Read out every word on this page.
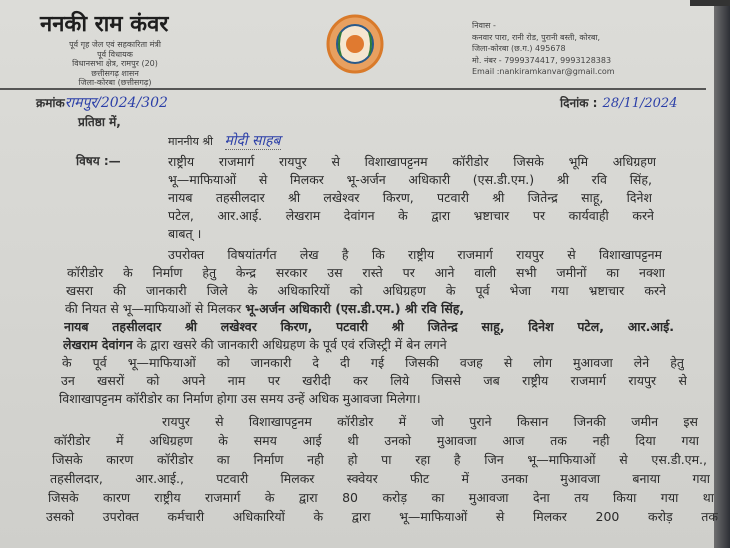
ननकी राम कंवर
पूर्व गृह जेल एवं सहकारिता मंत्री
पूर्व विधायक
विधानसभा क्षेत्र, रामपुर (20)
छत्तीसगढ़ शासन
जिला-कोरबा (छत्तीसगढ़)
निवास -
कनवार पारा, रानी रोड, पुरानी बस्ती, कोरबा,
जिला-कोरबा (छ.ग.) 495678
मो. नंबर - 7999374417, 9993128383
Email :nankiramkanvar@gmail.com
क्रमांकरामपुर/2024/302	दिनांक : 28/11/2024
प्रतिष्ठा में,
माननीय श्री मोदी साहब
विषय :—	राष्ट्रीय राजमार्ग रायपुर से विशाखापट्टनम कॉरीडोर जिसके भूमि अधिग्रहण
भू—माफियाओं से मिलकर भू-अर्जन अधिकारी (एस.डी.एम.) श्री रवि सिंह,
नायब तहसीलदार श्री लखेश्वर किरण, पटवारी श्री जितेन्द्र साहू, दिनेश
पटेल, आर.आई. लेखराम देवांगन के द्वारा भ्रष्टाचार पर कार्यवाही करने
बाबत् ।
उपरोक्त विषयांतर्गत लेख है कि राष्ट्रीय राजमार्ग रायपुर से विशाखापट्टनम
कॉरीडोर के निर्माण हेतु केन्द्र सरकार उस रास्ते पर आने वाली सभी जमीनों का नक्शा
खसरा की जानकारी जिले के अधिकारियों को अधिग्रहण के पूर्व भेजा गया भ्रष्टाचार करने
की नियत से भू—माफियाओं से मिलकर भू-अर्जन अधिकारी (एस.डी.एम.) श्री रवि सिंह,
नायब तहसीलदार श्री लखेश्वर किरण, पटवारी श्री जितेन्द्र साहू, दिनेश पटेल, आर.आई.
लेखराम देवांगन के द्वारा खसरे की जानकारी अधिग्रहण के पूर्व एवं रजिस्ट्री में बेन लगने
के पूर्व भू—माफियाओं को जानकारी दे दी गई जिसकी वजह से लोग मुआवजा लेने हेतु
उन खसरों को अपने नाम पर खरीदी कर लिये जिससे जब राष्ट्रीय राजमार्ग रायपुर से
विशाखापट्टनम कॉरीडोर का निर्माण होगा उस समय उन्हें अधिक मुआवजा मिलेगा।
रायपुर से विशाखापट्टनम कॉरीडोर में जो पुराने किसान जिनकी जमीन इस
कॉरीडोर में अधिग्रहण के समय आई थी उनको मुआवजा आज तक नही दिया गया
जिसके कारण कॉरीडोर का निर्माण नही हो पा रहा है जिन भू—माफियाओं से एस.डी.एम.,
तहसीलदार, आर.आई., पटवारी मिलकर स्क्वेयर फीट में उनका मुआवजा बनाया गया
जिसके कारण राष्ट्रीय राजमार्ग के द्वारा 80 करोड़ का मुआवजा देना तय किया गया था
उसको उपरोक्त कर्मचारी अधिकारियों के द्वारा भू—माफियाओं से मिलकर 200 करोड़ तक
